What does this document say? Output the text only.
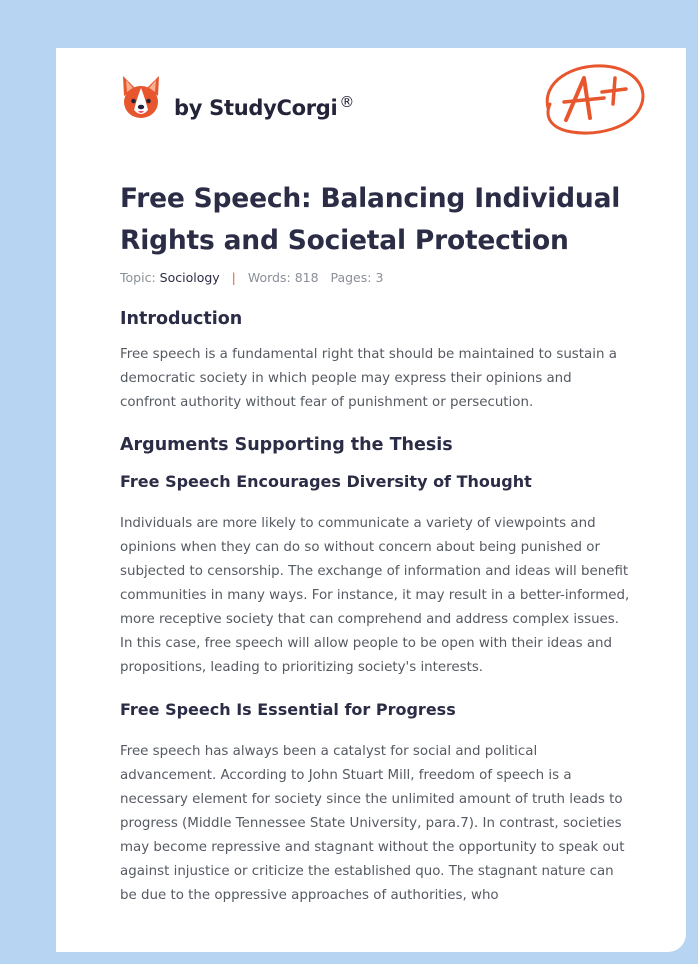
by StudyCorgi ®
Free Speech: Balancing Individual Rights and Societal Protection
Topic: Sociology | Words: 818 Pages: 3
Introduction

Free speech is a fundamental right that should be maintained to sustain a democratic society in which people may express their opinions and confront authority without fear of punishment or persecution.

Arguments Supporting the Thesis
Free Speech Encourages Diversity of Thought

Individuals are more likely to communicate a variety of viewpoints and opinions when they can do so without concern about being punished or subjected to censorship. The exchange of information and ideas will benefit communities in many ways. For instance, it may result in a better-informed, more receptive society that can comprehend and address complex issues. In this case, free speech will allow people to be open with their ideas and propositions, leading to prioritizing society's interests.

Free Speech Is Essential for Progress

Free speech has always been a catalyst for social and political advancement. According to John Stuart Mill, freedom of speech is a necessary element for society since the unlimited amount of truth leads to progress (Middle Tennessee State University, para.7). In contrast, societies may become repressive and stagnant without the opportunity to speak out against injustice or criticize the established quo. The stagnant nature can be due to the oppressive approaches of authorities, who
